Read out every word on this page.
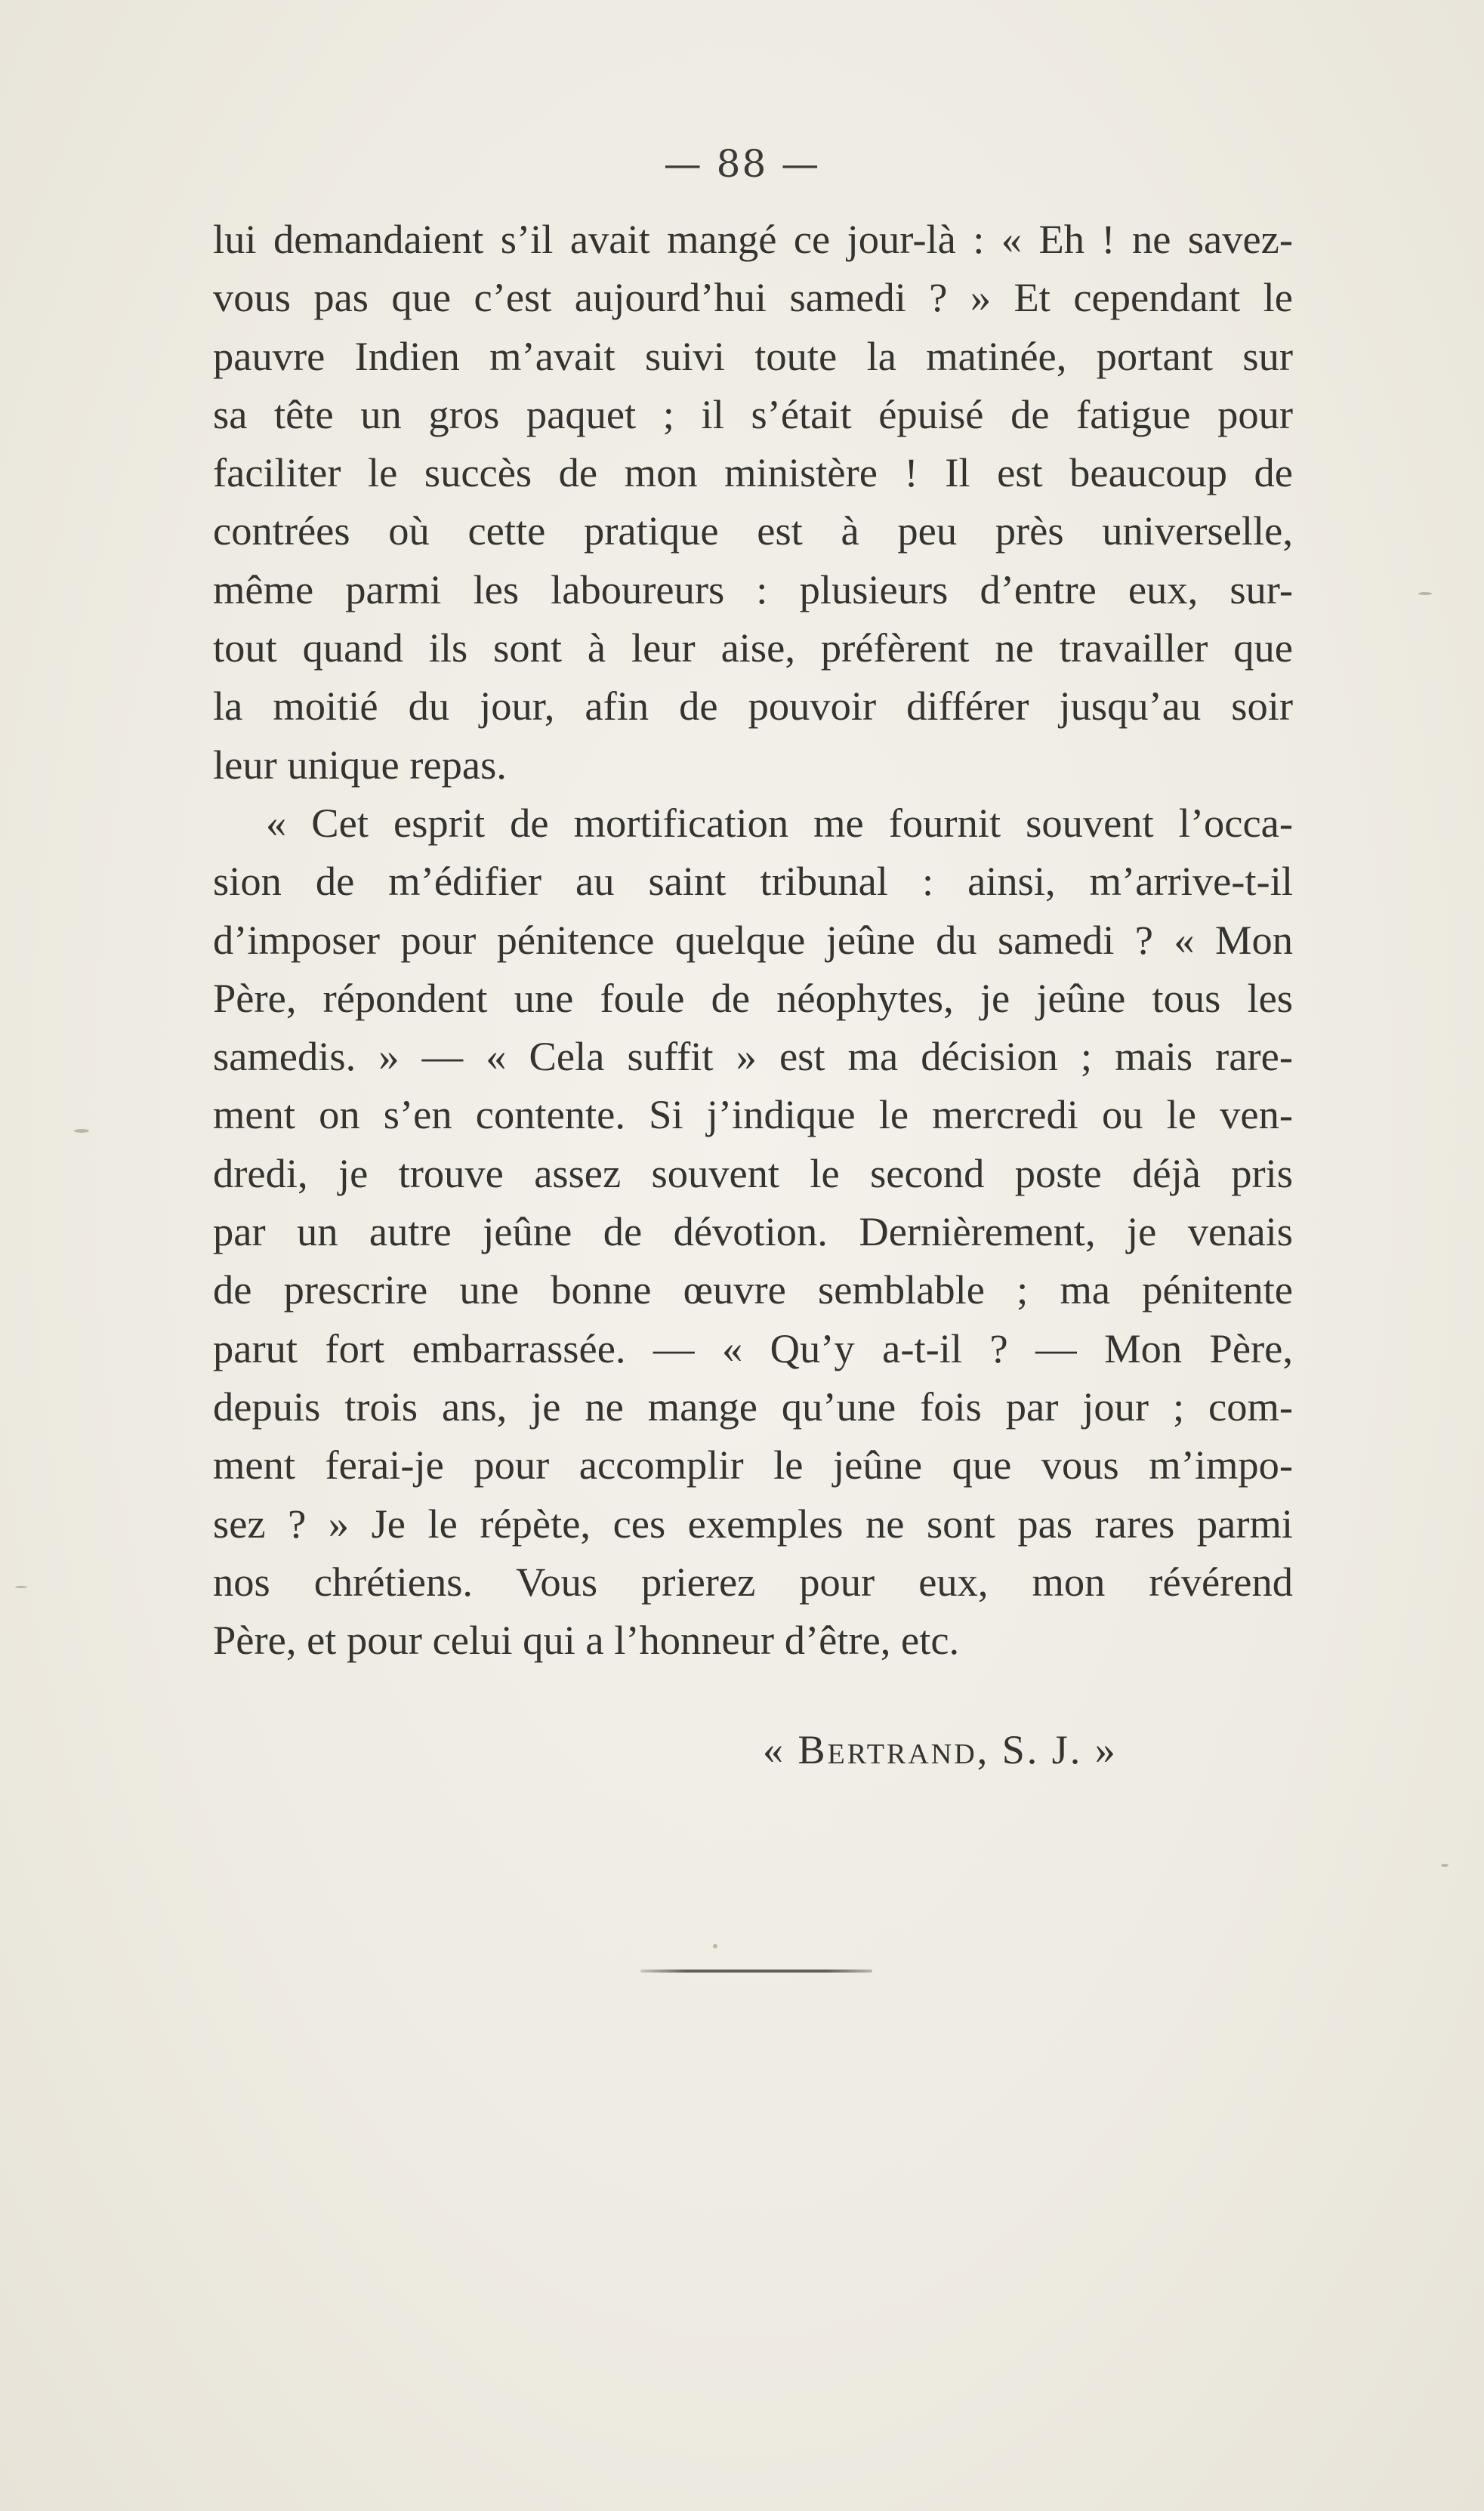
— 88 —
lui demandaient s’il avait mangé ce jour-là : « Eh ! ne savez-
vous pas que c’est aujourd’hui samedi ? » Et cependant le
pauvre Indien m’avait suivi toute la matinée, portant sur
sa tête un gros paquet ; il s’était épuisé de fatigue pour
faciliter le succès de mon ministère ! Il est beaucoup de
contrées où cette pratique est à peu près universelle,
même parmi les laboureurs : plusieurs d’entre eux, sur-
tout quand ils sont à leur aise, préfèrent ne travailler que
la moitié du jour, afin de pouvoir différer jusqu’au soir
leur unique repas.
« Cet esprit de mortification me fournit souvent l’occa-
sion de m’édifier au saint tribunal : ainsi, m’arrive-t-il
d’imposer pour pénitence quelque jeûne du samedi ? « Mon
Père, répondent une foule de néophytes, je jeûne tous les
samedis. » — « Cela suffit » est ma décision ; mais rare-
ment on s’en contente. Si j’indique le mercredi ou le ven-
dredi, je trouve assez souvent le second poste déjà pris
par un autre jeûne de dévotion. Dernièrement, je venais
de prescrire une bonne œuvre semblable ; ma pénitente
parut fort embarrassée. — « Qu’y a-t-il ? — Mon Père,
depuis trois ans, je ne mange qu’une fois par jour ; com-
ment ferai-je pour accomplir le jeûne que vous m’impo-
sez ? » Je le répète, ces exemples ne sont pas rares parmi
nos chrétiens. Vous prierez pour eux, mon révérend
Père, et pour celui qui a l’honneur d’être, etc.
« Bertrand, S. J. »
